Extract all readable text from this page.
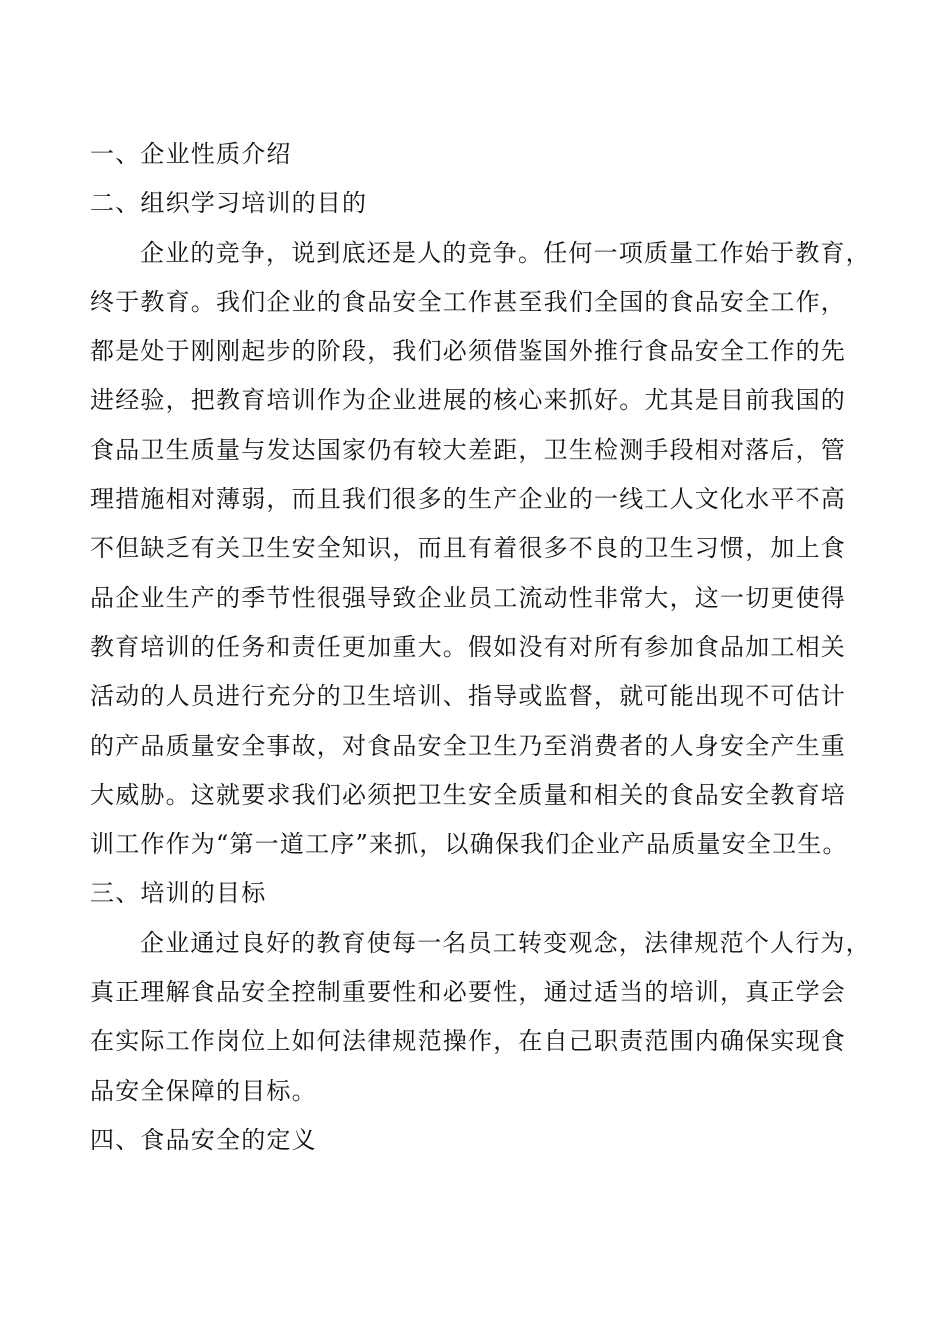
一、企业性质介绍
二、组织学习培训的目的
企业的竞争，说到底还是人的竞争。任何一项质量工作始于教育，
终于教育。我们企业的食品安全工作甚至我们全国的食品安全工作，
都是处于刚刚起步的阶段，我们必须借鉴国外推行食品安全工作的先
进经验，把教育培训作为企业进展的核心来抓好。尤其是目前我国的
食品卫生质量与发达国家仍有较大差距，卫生检测手段相对落后，管
理措施相对薄弱，而且我们很多的生产企业的一线工人文化水平不高
不但缺乏有关卫生安全知识，而且有着很多不良的卫生习惯，加上食
品企业生产的季节性很强导致企业员工流动性非常大，这一切更使得
教育培训的任务和责任更加重大。假如没有对所有参加食品加工相关
活动的人员进行充分的卫生培训、指导或监督，就可能出现不可估计
的产品质量安全事故，对食品安全卫生乃至消费者的人身安全产生重
大威胁。这就要求我们必须把卫生安全质量和相关的食品安全教育培
训工作作为“第一道工序”来抓，以确保我们企业产品质量安全卫生。
三、培训的目标
企业通过良好的教育使每一名员工转变观念，法律规范个人行为，
真正理解食品安全控制重要性和必要性，通过适当的培训，真正学会
在实际工作岗位上如何法律规范操作，在自己职责范围内确保实现食
品安全保障的目标。
四、食品安全的定义
